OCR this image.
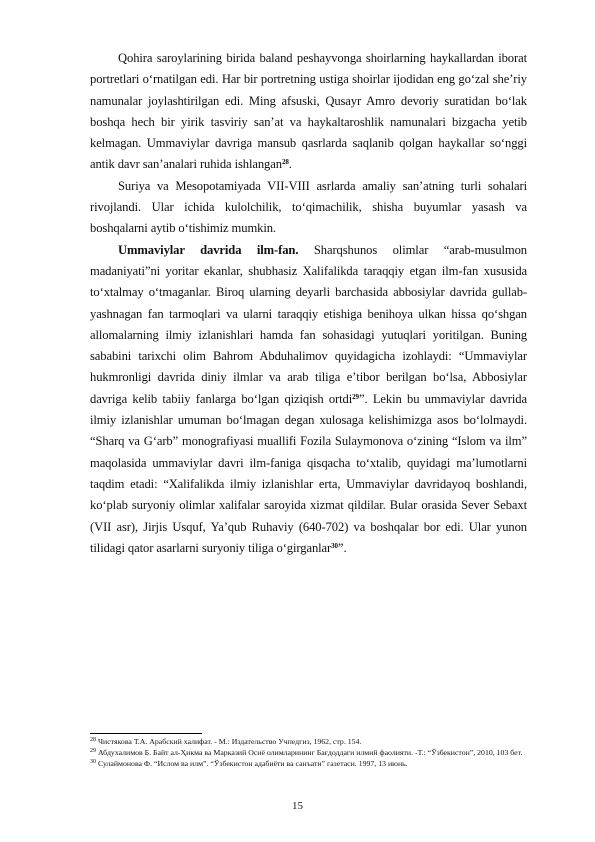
Qohira saroylarining birida baland peshayvonga shoirlarning haykallardan iborat portretlari oʻrnatilgan edi. Har bir portretning ustiga shoirlar ijodidan eng goʻzal sheʼriy namunalar joylashtirilgan edi. Ming afsuski, Qusayr Amro devoriy suratidan boʻlak boshqa hech bir yirik tasviriy sanʼat va haykaltaroshlik namunalari bizgacha yetib kelmagan. Ummaviylar davriga mansub qasrlarda saqlanib qolgan haykallar soʻnggi antik davr sanʼanalari ruhida ishlangan$^{28}$.

Suriya va Mesopotamiyada VII-VIII asrlarda amaliy sanʼatning turli sohalari rivojlandi. Ular ichida kulolchilik, toʻqimachilik, shisha buyumlar yasash va boshqalarni aytib oʻtishimiz mumkin.

Ummaviylar davrida ilm-fan. Sharqshunos olimlar “arab-musulmon madaniyati”ni yoritar ekanlar, shubhasiz Xalifalikda taraqqiy etgan ilm-fan xususida toʻxtalmay oʻtmaganlar. Biroq ularning deyarli barchasida abbosiylar davrida gullab-yashnagan fan tarmoqlari va ularni taraqqiy etishiga benihoya ulkan hissa qoʻshgan allomalarning ilmiy izlanishlari hamda fan sohasidagi yutuqlari yoritilgan. Buning sababini tarixchi olim Bahrom Abduhalimov quyidagicha izohlaydi: “Ummaviylar hukmronligi davrida diniy ilmlar va arab tiliga eʼtibor berilgan boʻlsa, Abbosiylar davriga kelib tabiiy fanlarga boʻlgan qiziqish ortdi$^{29}$”. Lekin bu ummaviylar davrida ilmiy izlanishlar umuman boʻlmagan degan xulosaga kelishimizga asos boʻlolmaydi. “Sharq va Gʻarb” monografiyasi muallifi Fozila Sulaymonova oʻzining “Islom va ilm” maqolasida ummaviylar davri ilm-faniga qisqacha toʻxtalib, quyidagi maʼlumotlarni taqdim etadi: “Xalifalikda ilmiy izlanishlar erta, Ummaviylar davridayoq boshlandi, koʻplab suryoniy olimlar xalifalar saroyida xizmat qildilar. Bular orasida Sever Sebaxt (VII asr), Jirjis Usquf, Yaʼqub Ruhaviy (640-702) va boshqalar bor edi. Ular yunon tilidagi qator asarlarni suryoniy tiliga oʻgirganlar$^{30}$”.

$^{28}$ Чистякова Т.А. Арабский халифат. - М.: Издательство Учпедгиз, 1962, стр. 154.

$^{29}$ Абдухалимов Б. Байт ал-Ҳикма ва Марказий Осиё олимларининг Бағдоддаги илмий фаолияти. -Т.: “Ўзбекистон”, 2010, 103 бет.

$^{30}$ Сулаймонова Ф. “Ислом ва илм”. “Ўзбекистон адабиёти ва санъати” газетаси. 1997, 13 июнь.

15
